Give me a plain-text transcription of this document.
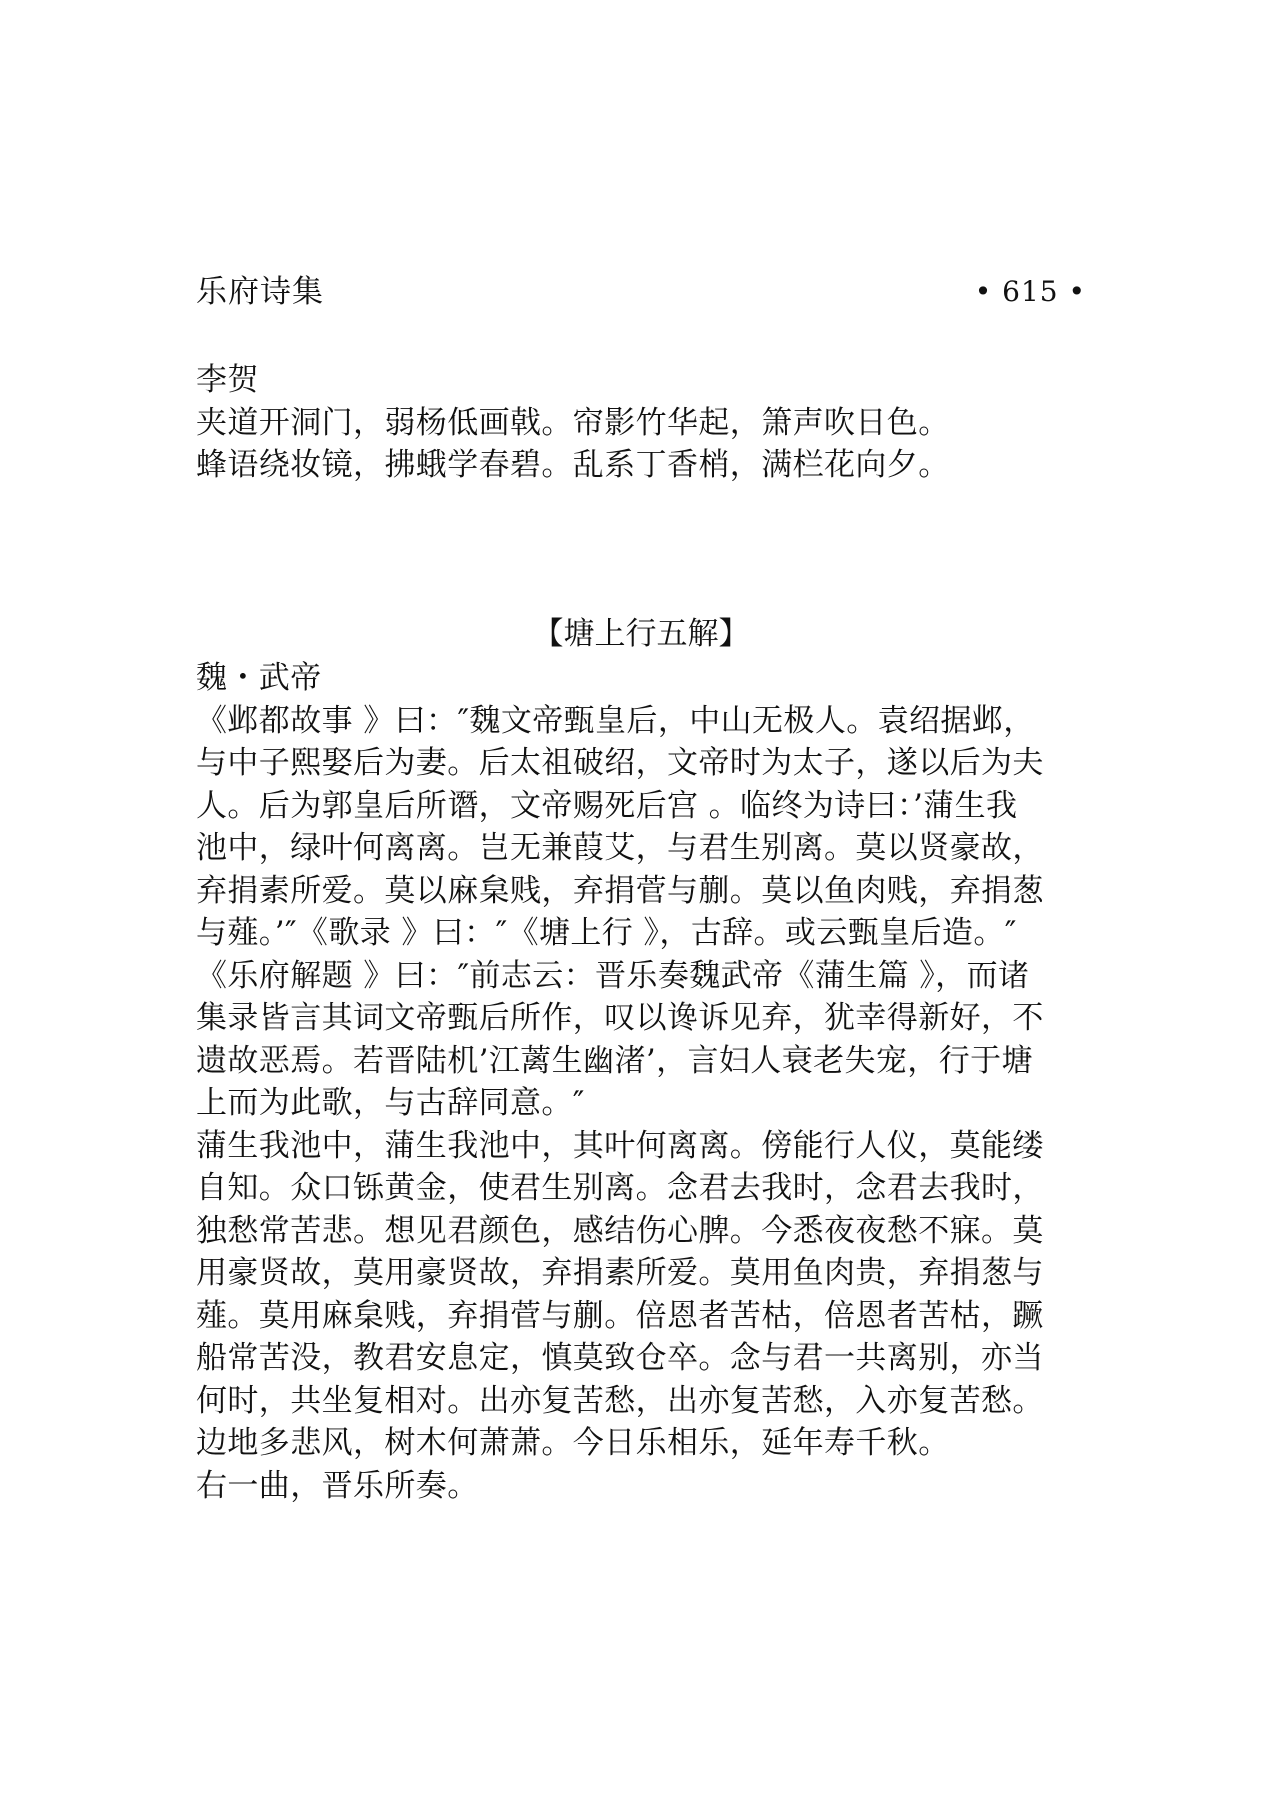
乐府诗集	• 615 •
李贺
夹道开洞门，弱杨低画戟。帘影竹华起，箫声吹日色。
蜂语绕妆镜，拂蛾学春碧。乱系丁香梢，满栏花向夕。
【塘上行五解】
魏・武帝
《邺都故事 》曰：″魏文帝甄皇后，中山无极人。袁绍据邺，
与中子熙娶后为妻。后太祖破绍，文帝时为太子，遂以后为夫
人。后为郭皇后所谮，文帝赐死后宫 。临终为诗曰：’蒲生我
池中，绿叶何离离。岂无兼葭艾，与君生别离。莫以贤豪故，
弃捐素所爱。莫以麻枲贱，弃捐菅与蒯。莫以鱼肉贱，弃捐葱
与薤。’″《歌录 》曰：″《塘上行 》，古辞。或云甄皇后造。″
《乐府解题 》曰：″前志云：晋乐奏魏武帝《蒲生篇 》，而诸
集录皆言其词文帝甄后所作，叹以谗诉见弃，犹幸得新好，不
遗故恶焉。若晋陆机’江蓠生幽渚’，言妇人衰老失宠，行于塘
上而为此歌，与古辞同意。″
蒲生我池中，蒲生我池中，其叶何离离。傍能行人仪，莫能缕
自知。众口铄黄金，使君生别离。念君去我时，念君去我时，
独愁常苦悲。想见君颜色，感结伤心脾。今悉夜夜愁不寐。莫
用豪贤故，莫用豪贤故，弃捐素所爱。莫用鱼肉贵，弃捐葱与
薤。莫用麻枲贱，弃捐菅与蒯。倍恩者苦枯，倍恩者苦枯，蹶
船常苦没，教君安息定，慎莫致仓卒。念与君一共离别，亦当
何时，共坐复相对。出亦复苦愁，出亦复苦愁，入亦复苦愁。
边地多悲风，树木何萧萧。今日乐相乐，延年寿千秋。
右一曲，晋乐所奏。
